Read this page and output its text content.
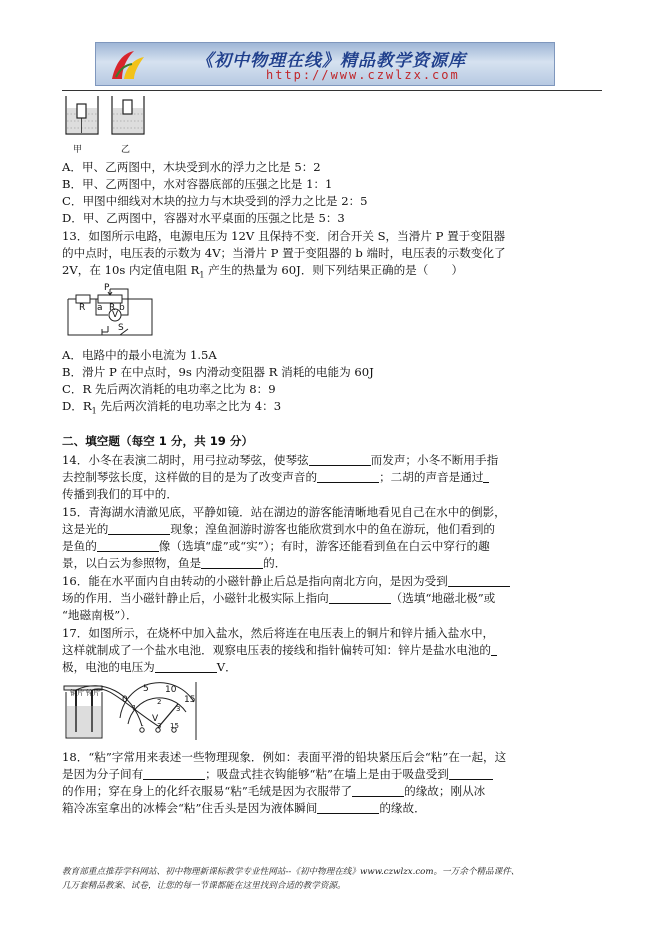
《初中物理在线》精品教学资源库
http://www.czwlzx.com
甲	乙
A．甲、乙两图中，木块受到水的浮力之比是 5：2
B．甲、乙两图中，水对容器底部的压强之比是 1：1
C．甲图中细线对木块的拉力与木块受到的浮力之比是 2：5
D．甲、乙两图中，容器对水平桌面的压强之比是 5：3
13．如图所示电路，电源电压为 12V 且保持不变．闭合开关 S，当滑片 P 置于变阻器
的中点时，电压表的示数为 4V；当滑片 P 置于变阻器的 b 端时，电压表的示数变化了
2V，在 10s 内定值电阻 $R_1$ 产生的热量为 60J．则下列结果正确的是（　　）
R
P
a R b
V
S
A．电路中的最小电流为 1.5A
B．滑片 P 在中点时，9s 内滑动变阻器 R 消耗的电能为 60J
C．R 先后两次消耗的电功率之比为 8：9
D．$R_1$ 先后两次消耗的电功率之比为 4：3
二、填空题（每空 1 分，共 19 分）
14．小冬在表演二胡时，用弓拉动琴弦，使琴弦	而发声；小冬不断用手指
去控制琴弦长度，这样做的目的是为了改变声音的	；二胡的声音是通过
传播到我们的耳中的．
15．青海湖水清澈见底，平静如镜．站在湖边的游客能清晰地看见自己在水中的倒影，
这是光的	现象；湟鱼洄游时游客也能欣赏到水中的鱼在游玩，他们看到的
是鱼的	像（选填“虚”或“实”）；有时，游客还能看到鱼在白云中穿行的趣
景，以白云为参照物，鱼是	的．
16．能在水平面内自由转动的小磁针静止后总是指向南北方向，是因为受到
场的作用．当小磁针静止后，小磁针北极实际上指向	（选填“地磁北极”或
“地磁南极”）．
17．如图所示，在烧杯中加入盐水，然后将连在电压表上的铜片和锌片插入盐水中，
这样就制成了一个盐水电池．观察电压表的接线和指针偏转可知：锌片是盐水电池的
极，电池的电压为	V．
铜片 锌片
0
5 10
15
1
2
3
V
- 3 15
18．“粘”字常用来表述一些物理现象．例如：表面平滑的铅块紧压后会“粘”在一起，这
是因为分子间有	；吸盘式挂衣钩能够“粘”在墙上是由于吸盘受到
的作用；穿在身上的化纤衣服易“粘”毛绒是因为衣服带了	的缘故；刚从冰
箱冷冻室拿出的冰棒会“粘”住舌头是因为液体瞬间	的缘故．
教育部重点推荐学科网站、初中物理新课标教学专业性网站--《初中物理在线》www.czwlzx.com。一万余个精品课件、
几万套精品教案、试卷，让您的每一节课都能在这里找到合适的教学资源。
